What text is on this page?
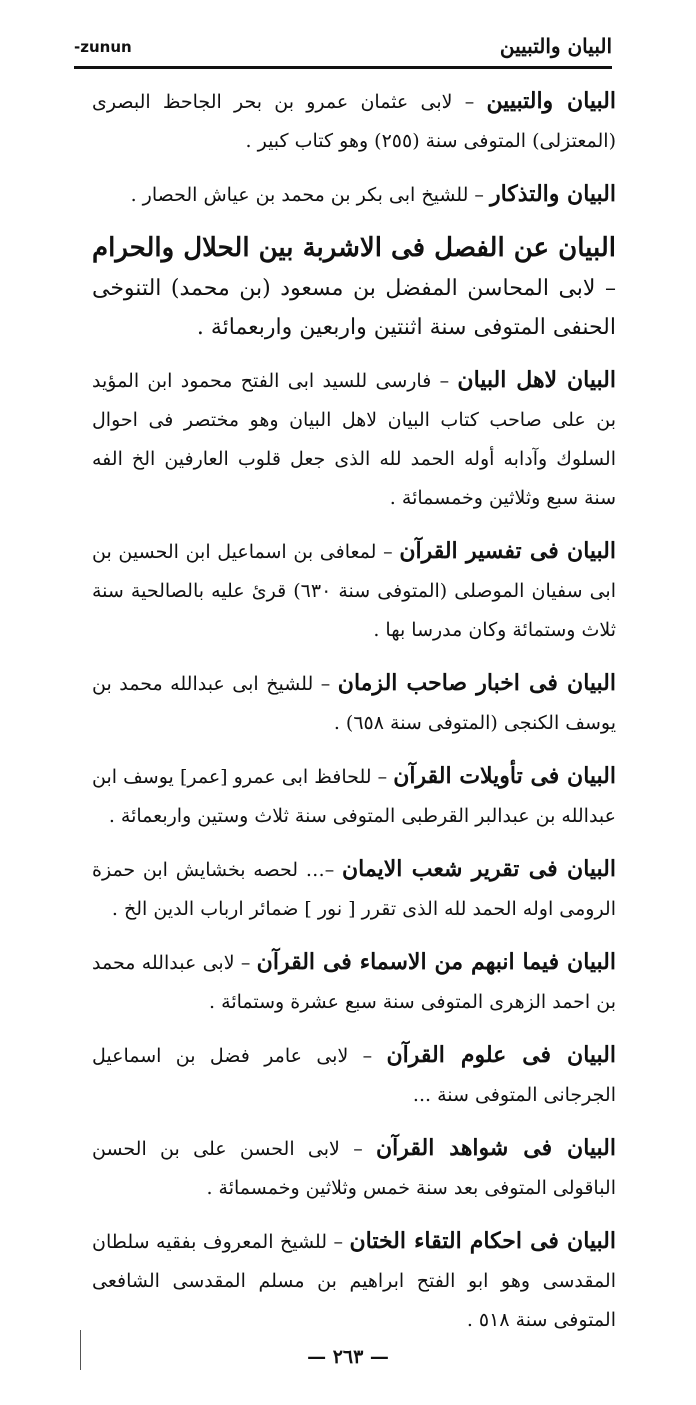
-zunun	البيان والتبيين

البيان والتبيين – لابى عثمان عمرو بن بحر الجاحظ البصرى (المعتزلى) المتوفى سنة (٢٥٥) وهو كتاب كبير .

البيان والتذكار – للشيخ ابى بكر بن محمد بن عياش الحصار .

البيان عن الفصل فى الاشربة بين الحلال والحرام – لابى المحاسن المفضل بن مسعود (بن محمد) التنوخى الحنفى المتوفى سنة اثنتين واربعين واربعمائة .

البيان لاهل البيان – فارسى للسيد ابى الفتح محمود ابن المؤيد بن على صاحب كتاب البيان لاهل البيان وهو مختصر فى احوال السلوك وآدابه أوله الحمد لله الذى جعل قلوب العارفين الخ الفه سنة سبع وثلاثين وخمسمائة .

البيان فى تفسير القرآن – لمعافى بن اسماعيل ابن الحسين بن ابى سفيان الموصلى (المتوفى سنة ٦٣٠) قرئ عليه بالصالحية سنة ثلاث وستمائة وكان مدرسا بها .

البيان فى اخبار صاحب الزمان – للشيخ ابى عبدالله محمد بن يوسف الكنجى (المتوفى سنة ٦٥٨) .

البيان فى تأويلات القرآن – للحافظ ابى عمرو [عمر] يوسف ابن عبدالله بن عبدالبر القرطبى المتوفى سنة ثلاث وستين واربعمائة .

البيان فى تقرير شعب الايمان –… لحصه بخشايش ابن حمزة الرومى اوله الحمد لله الذى تقرر [ نور ] ضمائر ارباب الدين الخ .

البيان فيما انبهم من الاسماء فى القرآن – لابى عبدالله محمد بن احمد الزهرى المتوفى سنة سبع عشرة وستمائة .

البيان فى علوم القرآن – لابى عامر فضل بن اسماعيل الجرجانى المتوفى سنة ...

البيان فى شواهد القرآن – لابى الحسن على بن الحسن الباقولى المتوفى بعد سنة خمس وثلاثين وخمسمائة .

البيان فى احكام التقاء الختان – للشيخ المعروف بفقيه سلطان المقدسى وهو ابو الفتح ابراهيم بن مسلم المقدسى الشافعى المتوفى سنة ٥١٨ .

— ٢٦٣ —
